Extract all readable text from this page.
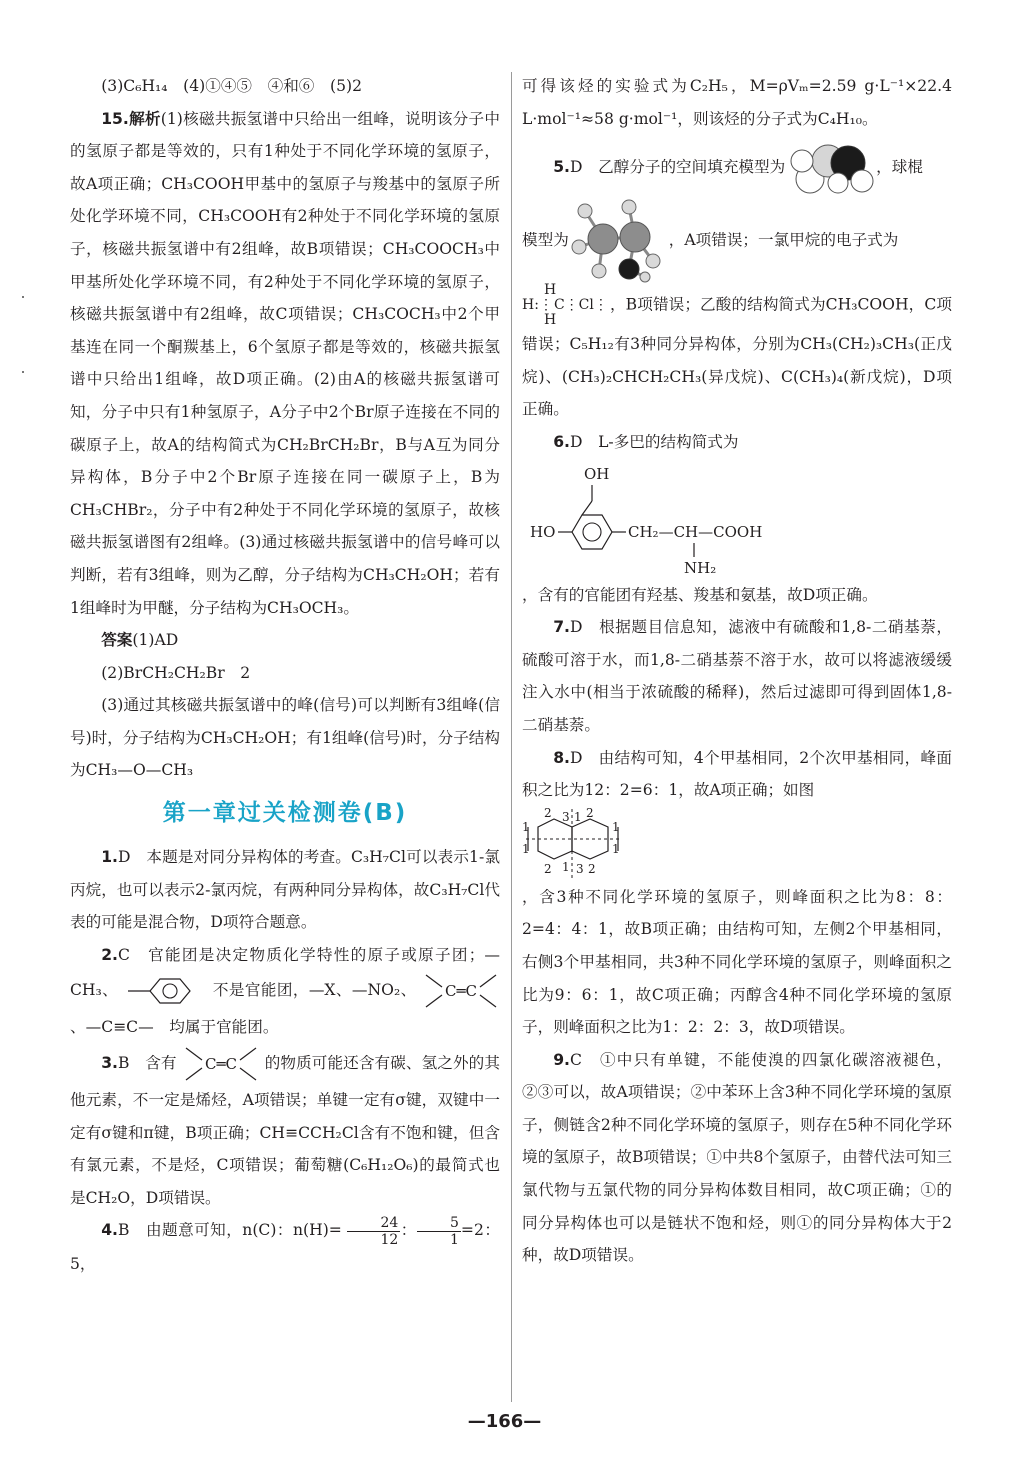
(3)C₆H₁₄　(4)①④⑤　④和⑥　(5)2

15.解析(1)核磁共振氢谱中只给出一组峰，说明该分子中的氢原子都是等效的，只有1种处于不同化学环境的氢原子，故A项正确；CH₃COOH甲基中的氢原子与羧基中的氢原子所处化学环境不同，CH₃COOH有2种处于不同化学环境的氢原子，核磁共振氢谱中有2组峰，故B项错误；CH₃COOCH₃中甲基所处化学环境不同，有2种处于不同化学环境的氢原子，核磁共振氢谱中有2组峰，故C项错误；CH₃COCH₃中2个甲基连在同一个酮羰基上，6个氢原子都是等效的，核磁共振氢谱中只给出1组峰，故D项正确。(2)由A的核磁共振氢谱可知，分子中只有1种氢原子，A分子中2个Br原子连接在不同的碳原子上，故A的结构简式为CH₂BrCH₂Br，B与A互为同分异构体，B分子中2个Br原子连接在同一碳原子上，B为CH₃CHBr₂，分子中有2种处于不同化学环境的氢原子，故核磁共振氢谱图有2组峰。(3)通过核磁共振氢谱中的信号峰可以判断，若有3组峰，则为乙醇，分子结构为CH₃CH₂OH；若有1组峰时为甲醚，分子结构为CH₃OCH₃。

答案(1)AD

(2)BrCH₂CH₂Br　2

(3)通过其核磁共振氢谱中的峰(信号)可以判断有3组峰(信号)时，分子结构为CH₃CH₂OH；有1组峰(信号)时，分子结构为CH₃—O—CH₃

第一章过关检测卷(B)

1.D　本题是对同分异构体的考查。C₃H₇Cl可以表示1-氯丙烷，也可以表示2-氯丙烷，有两种同分异构体，故C₃H₇Cl代表的可能是混合物，D项符合题意。

2.C　官能团是决定物质化学特性的原子或原子团；—CH₃、	不是官能团，—X、—NO₂、 C═C
、—C≡C—　均属于官能团。

3.B　含有 C═C 的物质可能还含有碳、氢之外的其他元素，不一定是烯烃，A项错误；单键一定有σ键，双键中一定有σ键和π键，B项正确；CH≡CCH₂Cl含有不饱和键，但含有氯元素，不是烃，C项错误；葡萄糖(C₆H₁₂O₆)的最简式也是CH₂O，D项错误。

4.B　由题意可知，n(C)：$n(H)= \frac{24}{12}$ ： $\frac{5}{1} =2$：5，

可得该烃的实验式为C₂H₅，M=ρVₘ=2.59 g·L⁻¹×22.4 L·mol⁻¹≈58 g·mol⁻¹，则该烃的分子式为C₄H₁₀。

5.D　乙醇分子的空间填充模型为	，球棍

模型为	，A项错误；一氯甲烷的电子式为

H
H:⋮C⋮Cl⋮
H
，B项错误；乙酸的结构简式为CH₃COOH，C项错误；C₅H₁₂有3种同分异构体，分别为CH₃(CH₂)₃CH₃(正戊烷)、(CH₃)₂CHCH₂CH₃(异戊烷)、C(CH₃)₄(新戊烷)，D项正确。

6.D　L-多巴的结构简式为

OH
HO	CH₂—CH—COOH
NH₂

，含有的官能团有羟基、羧基和氨基，故D项正确。

7.D　根据题目信息知，滤液中有硫酸和1,8-二硝基萘，硫酸可溶于水，而1,8-二硝基萘不溶于水，故可以将滤液缓缓注入水中(相当于浓硫酸的稀释)，然后过滤即可得到固体1,8-二硝基萘。

8.D　由结构可知，4个甲基相同，2个次甲基相同，峰面积之比为12：2=6：1，故A项正确；如图

2 3 1 2
1	1
1	1
1
2 3 2

，含3种不同化学环境的氢原子，则峰面积之比为8：8：2=4：4：1，故B项正确；由结构可知，左侧2个甲基相同，右侧3个甲基相同，共3种不同化学环境的氢原子，则峰面积之比为9：6：1，故C项正确；丙醇含4种不同化学环境的氢原子，则峰面积之比为1：2：2：3，故D项错误。

9.C　①中只有单键，不能使溴的四氯化碳溶液褪色，②③可以，故A项错误；②中苯环上含3种不同化学环境的氢原子，侧链含2种不同化学环境的氢原子，则存在5种不同化学环境的氢原子，故B项错误；①中共8个氢原子，由替代法可知三氯代物与五氯代物的同分异构体数目相同，故C项正确；①的同分异构体也可以是链状不饱和烃，则①的同分异构体大于2种，故D项错误。

—166—
